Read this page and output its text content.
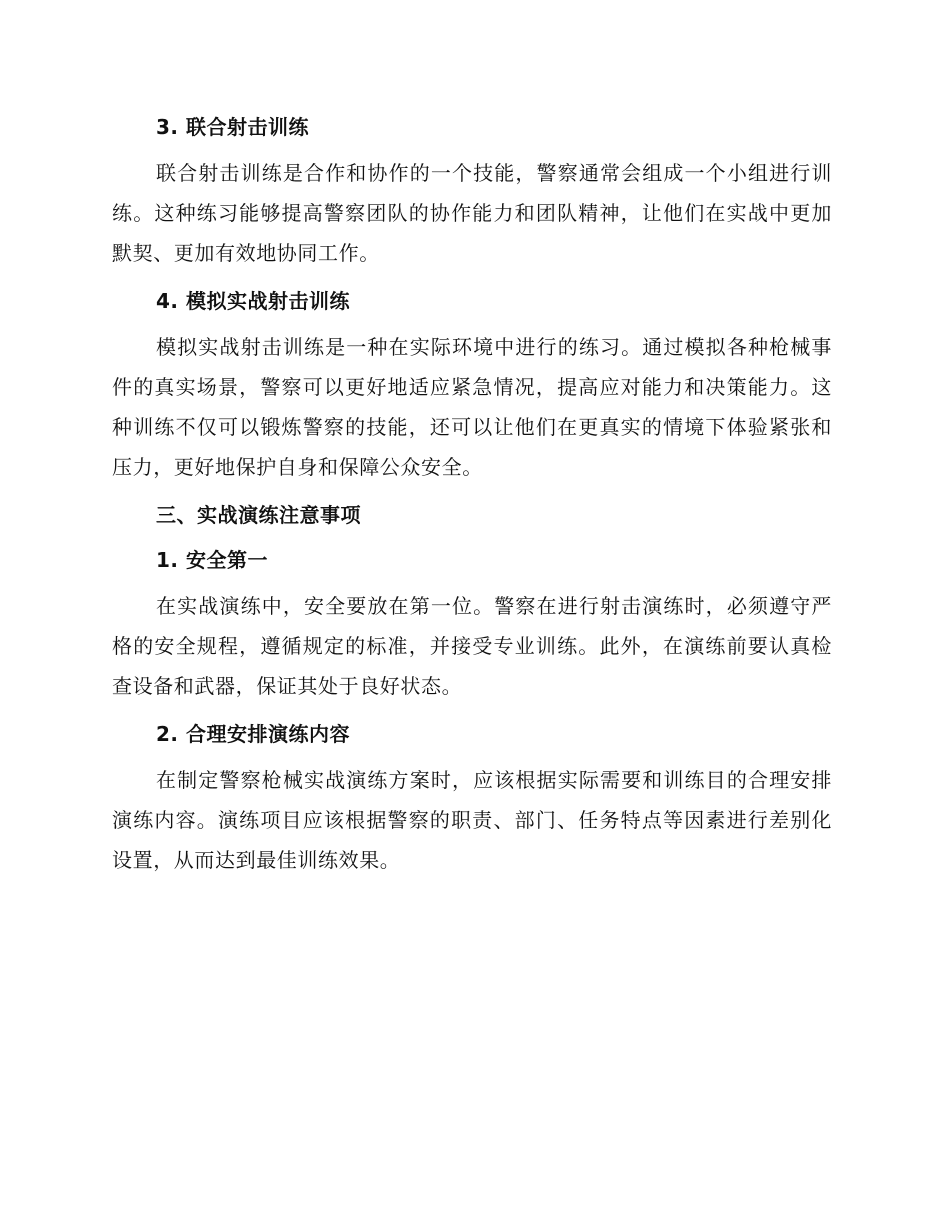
3. 联合射击训练

联合射击训练是合作和协作的一个技能，警察通常会组成一个小组进行训练。这种练习能够提高警察团队的协作能力和团队精神，让他们在实战中更加默契、更加有效地协同工作。

4. 模拟实战射击训练

模拟实战射击训练是一种在实际环境中进行的练习。通过模拟各种枪械事件的真实场景，警察可以更好地适应紧急情况，提高应对能力和决策能力。这种训练不仅可以锻炼警察的技能，还可以让他们在更真实的情境下体验紧张和压力，更好地保护自身和保障公众安全。

三、实战演练注意事项
1. 安全第一

在实战演练中，安全要放在第一位。警察在进行射击演练时，必须遵守严格的安全规程，遵循规定的标准，并接受专业训练。此外，在演练前要认真检查设备和武器，保证其处于良好状态。

2. 合理安排演练内容

在制定警察枪械实战演练方案时，应该根据实际需要和训练目的合理安排演练内容。演练项目应该根据警察的职责、部门、任务特点等因素进行差别化设置，从而达到最佳训练效果。
